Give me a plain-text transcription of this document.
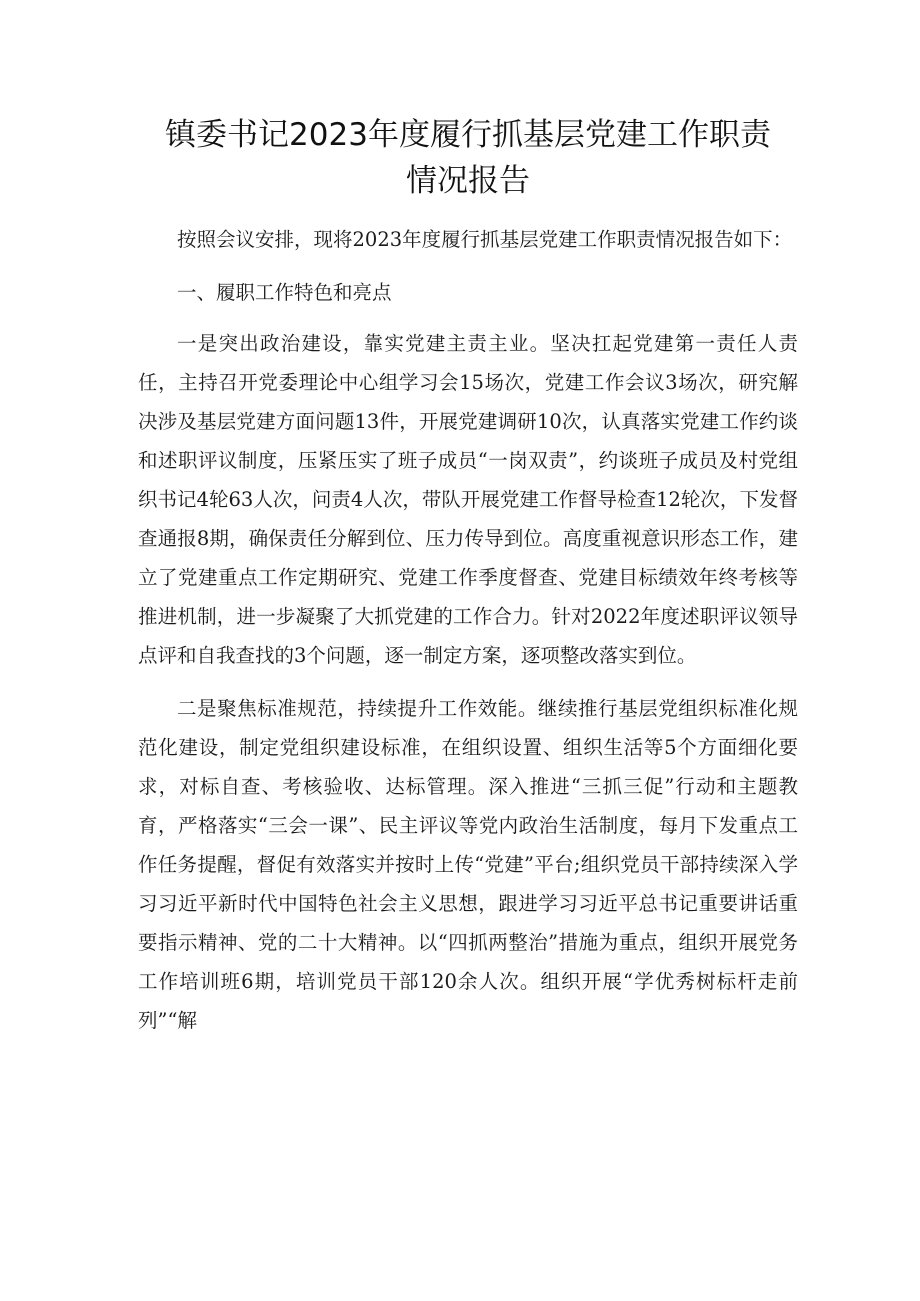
镇委书记2023年度履行抓基层党建工作职责
情况报告

按照会议安排，现将2023年度履行抓基层党建工作职责情况报告如下：

一、履职工作特色和亮点

一是突出政治建设，靠实党建主责主业。坚决扛起党建第一责任人责任，主持召开党委理论中心组学习会15场次，党建工作会议3场次，研究解决涉及基层党建方面问题13件，开展党建调研10次，认真落实党建工作约谈和述职评议制度，压紧压实了班子成员“一岗双责”，约谈班子成员及村党组织书记4轮63人次，问责4人次，带队开展党建工作督导检查12轮次，下发督查通报8期，确保责任分解到位、压力传导到位。高度重视意识形态工作，建立了党建重点工作定期研究、党建工作季度督查、党建目标绩效年终考核等推进机制，进一步凝聚了大抓党建的工作合力。针对2022年度述职评议领导点评和自我查找的3个问题，逐一制定方案，逐项整改落实到位。

二是聚焦标准规范，持续提升工作效能。继续推行基层党组织标准化规范化建设，制定党组织建设标准，在组织设置、组织生活等5个方面细化要求，对标自查、考核验收、达标管理。深入推进“三抓三促”行动和主题教育，严格落实“三会一课”、民主评议等党内政治生活制度，每月下发重点工作任务提醒，督促有效落实并按时上传“党建”平台;组织党员干部持续深入学习习近平新时代中国特色社会主义思想，跟进学习习近平总书记重要讲话重要指示精神、党的二十大精神。以“四抓两整治”措施为重点，组织开展党务工作培训班6期，培训党员干部120余人次。组织开展“学优秀树标杆走前列”“解
